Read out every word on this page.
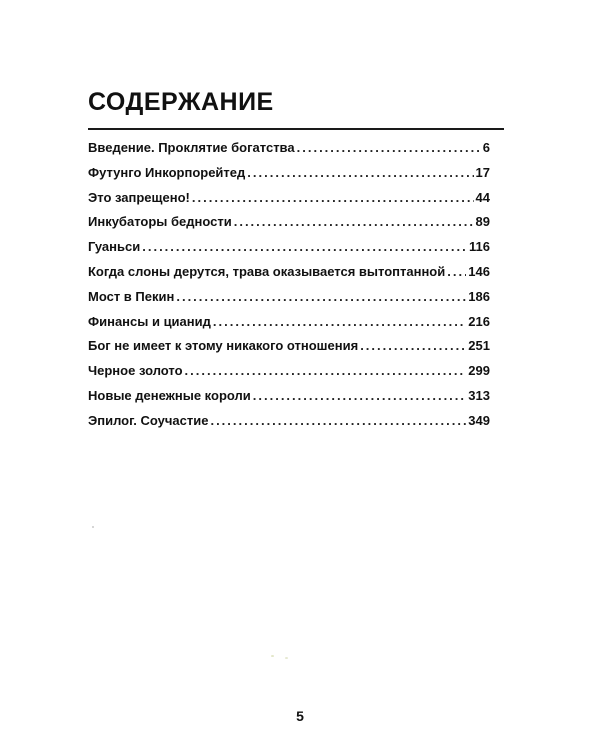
СОДЕРЖАНИЕ
Введение. Проклятие богатства .....	6
Футунго Инкорпорейтед .....	17
Это запрещено! .....	44
Инкубаторы бедности .....	89
Гуаньси .....	116
Когда слоны дерутся, трава оказывается вытоптанной ..... 146
Мост в Пекин .....	186
Финансы и цианид .....	216
Бог не имеет к этому никакого отношения .....	251
Черное золото .....	299
Новые денежные короли .....	313
Эпилог. Соучастие .....	349
5
